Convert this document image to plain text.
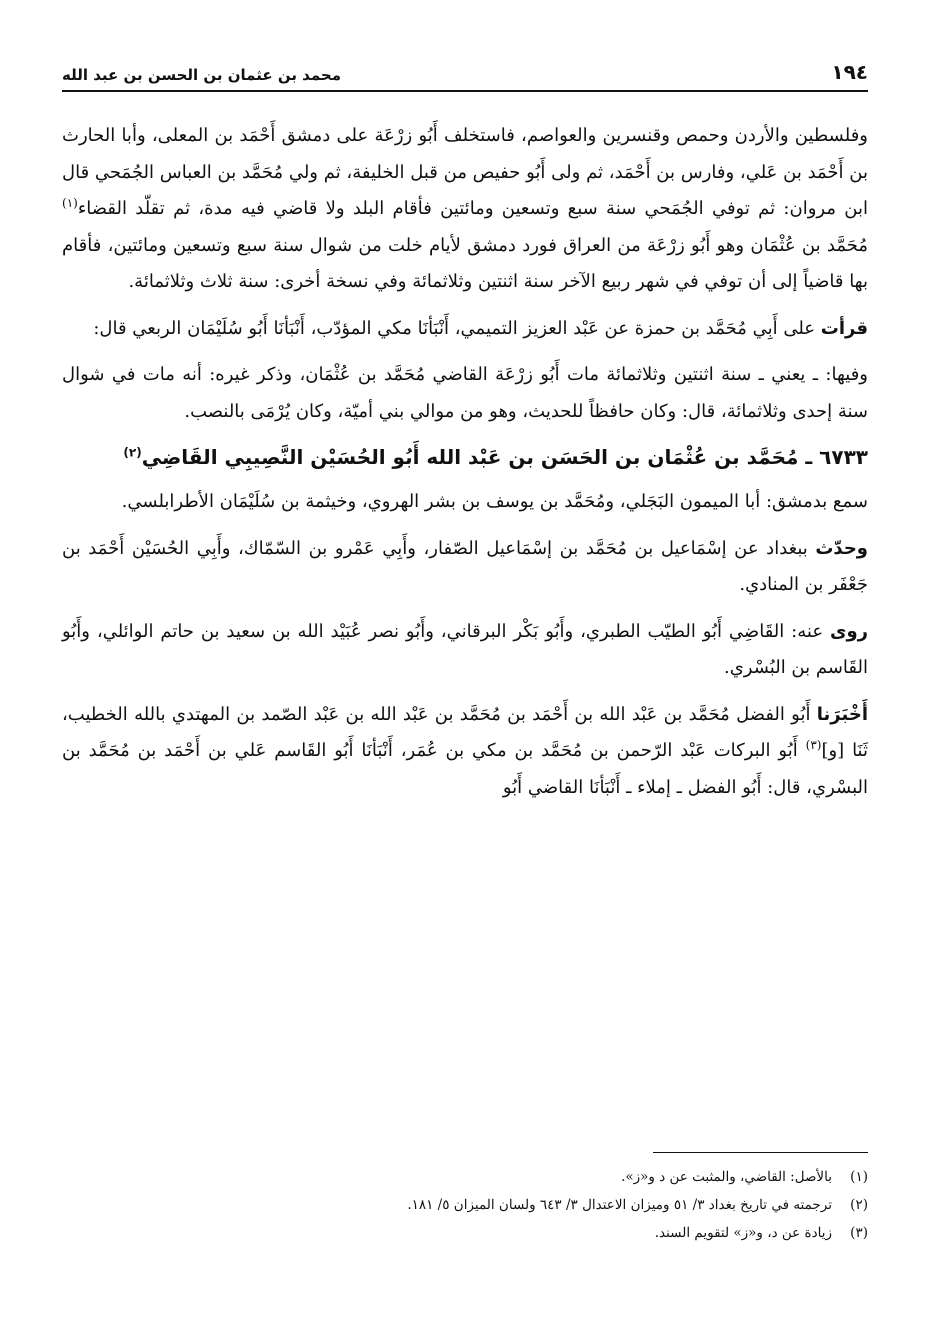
١٩٤
محمد بن عثمان بن الحسن بن عبد الله

وفلسطين والأردن وحمص وقنسرين والعواصم، فاستخلف أَبُو زرْعَة على دمشق أَحْمَد بن المعلى، وأبا الحارث بن أَحْمَد بن عَلي، وفارس بن أَحْمَد، ثم ولى أَبُو حفيص من قبل الخليفة، ثم ولي مُحَمَّد بن العباس الجُمَحي قال ابن مروان: ثم توفي الجُمَحي سنة سبع وتسعين ومائتين فأقام البلد ولا قاضي فيه مدة، ثم تقلّد القضاء$^{(١)}$ مُحَمَّد بن عُثْمَان وهو أَبُو زرْعَة من العراق فورد دمشق لأيام خلت من شوال سنة سبع وتسعين ومائتين، فأقام بها قاضياً إلى أن توفي في شهر ربيع الآخر سنة اثنتين وثلاثمائة وفي نسخة أخرى: سنة ثلاث وثلاثمائة.

قرأت على أَبِي مُحَمَّد بن حمزة عن عَبْد العزيز التميمي، أَنْبَأنَا مكي المؤدّب، أَنْبَأنَا أَبُو سُلَيْمَان الربعي قال:

وفيها: ـ يعني ـ سنة اثنتين وثلاثمائة مات أَبُو زرْعَة القاضي مُحَمَّد بن عُثْمَان، وذكر غيره: أنه مات في شوال سنة إحدى وثلاثمائة، قال: وكان حافظاً للحديث، وهو من موالي بني أميّة، وكان يُرْمَى بالنصب.

٦٧٣٣ ـ مُحَمَّد بن عُثْمَان بن الحَسَن بن عَبْد الله أَبُو الحُسَيْن النَّصِيبِي القَاضِي$^{(٢)}$

سمع بدمشق: أبا الميمون البَجَلي، ومُحَمَّد بن يوسف بن بشر الهروي، وخيثمة بن سُلَيْمَان الأطرابلسي.

وحدّث ببغداد عن إسْمَاعيل بن مُحَمَّد بن إسْمَاعيل الصّفار، وأَبِي عَمْرو بن السّمّاك، وأَبِي الحُسَيْن أَحْمَد بن جَعْفَر بن المنادي.

روى عنه: القَاضِي أَبُو الطيّب الطبري، وأَبُو بَكْر البرقاني، وأَبُو نصر عُبَيْد الله بن سعيد بن حاتم الوائلي، وأَبُو القَاسم بن البُسْري.

أَخْبَرَنا أَبُو الفضل مُحَمَّد بن عَبْد الله بن أَحْمَد بن مُحَمَّد بن عَبْد الله بن عَبْد الصّمد بن المهتدي بالله الخطيب، ثَنَا [و]$^{(٣)}$ أَبُو البركات عَبْد الرّحمن بن مُحَمَّد بن مكي بن عُمَر، أَنْبَأنَا أَبُو القَاسم عَلي بن أَحْمَد بن مُحَمَّد بن البسْري، قال: أَبُو الفضل ـ إملاء ـ أَنْبَأنَا القاضي أَبُو

(١)
بالأصل: القاضي، والمثبت عن د و«ز».
(٢)
ترجمته في تاريخ بغداد ٣/ ٥١ وميزان الاعتدال ٣/ ٦٤٣ ولسان الميزان ٥/ ١٨١.
(٣)
زيادة عن د، و«ز» لتقويم السند.
